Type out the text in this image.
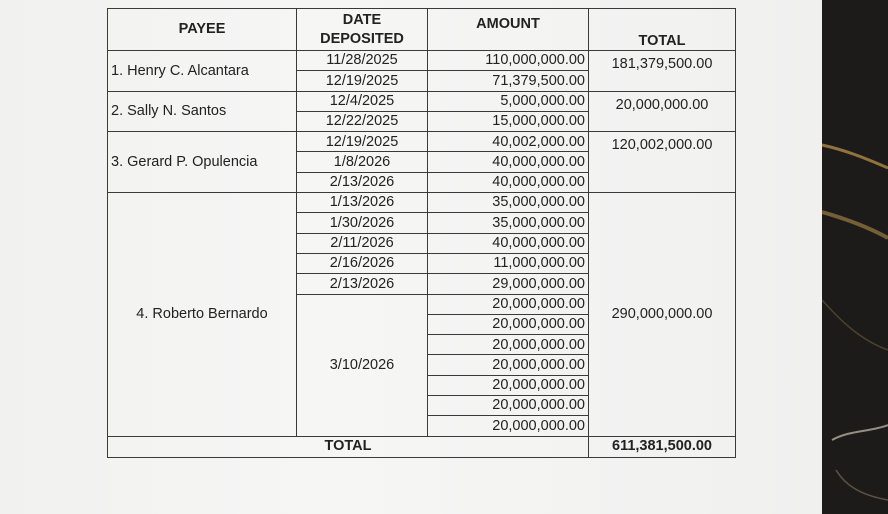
PAYEE	DATE DEPOSITED	AMOUNT	TOTAL
1. Henry C. Alcantara	11/28/2025	110,000,000.00	181,379,500.00
	12/19/2025	71,379,500.00	
2. Sally N. Santos	12/4/2025	5,000,000.00	20,000,000.00
	12/22/2025	15,000,000.00	
3. Gerard P. Opulencia	12/19/2025	40,002,000.00	120,002,000.00
	1/8/2026	40,000,000.00	
	2/13/2026	40,000,000.00	
4. Roberto Bernardo	1/13/2026	35,000,000.00	290,000,000.00
	1/30/2026	35,000,000.00	
	2/11/2026	40,000,000.00	
	2/16/2026	11,000,000.00	
	2/13/2026	29,000,000.00	
	3/10/2026	20,000,000.00	
		20,000,000.00	
		20,000,000.00	
		20,000,000.00	
		20,000,000.00	
		20,000,000.00	
		20,000,000.00	
TOTAL			611,381,500.00
